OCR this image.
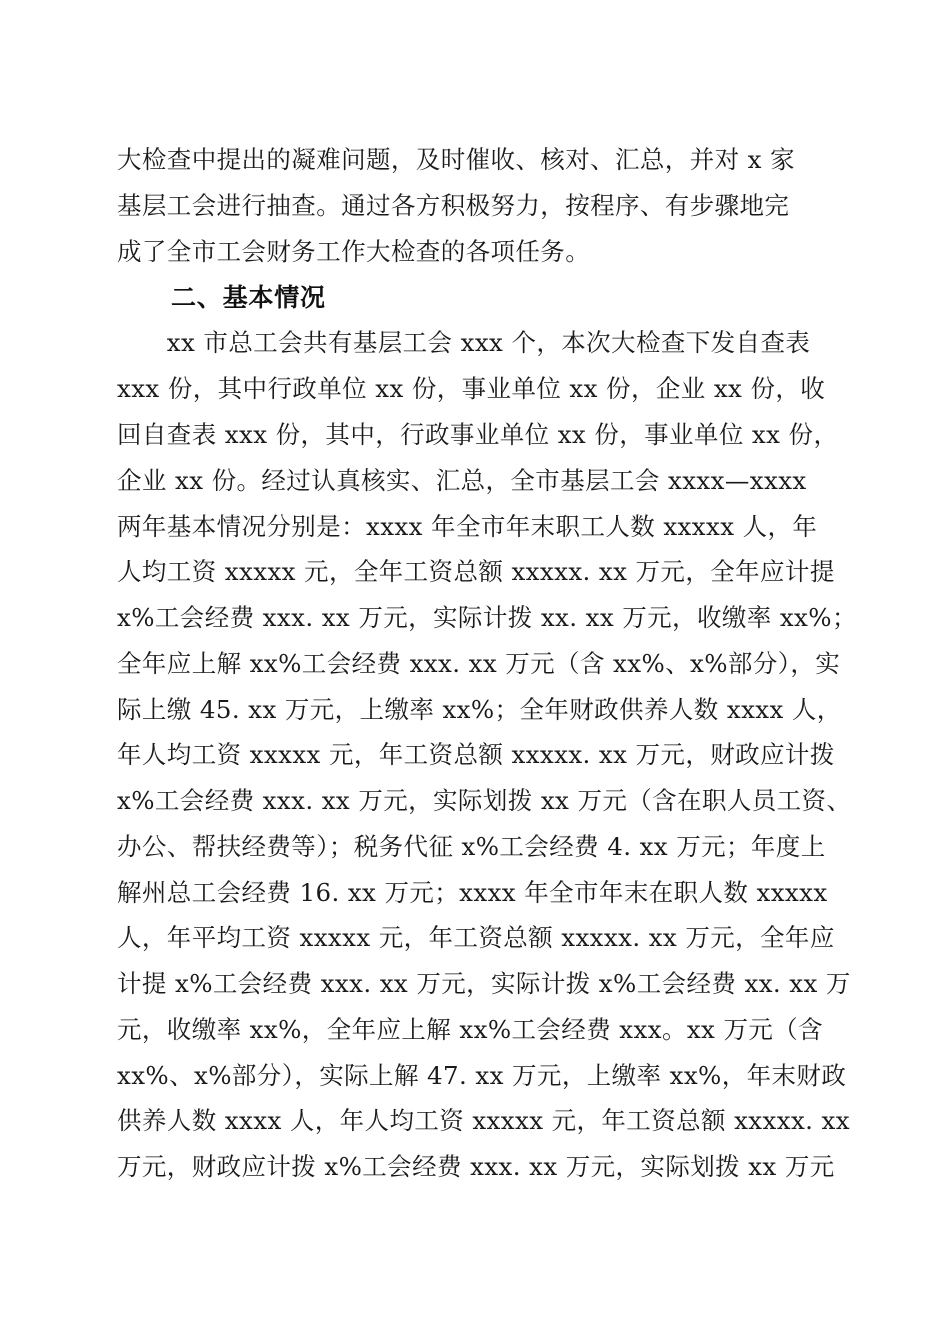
大检查中提出的凝难问题，及时催收、核对、汇总，并对 x 家
基层工会进行抽查。通过各方积极努力，按程序、有步骤地完
成了全市工会财务工作大检查的各项任务。
二、基本情况
　　xx 市总工会共有基层工会 xxx 个，本次大检查下发自查表
xxx 份，其中行政单位 xx 份，事业单位 xx 份，企业 xx 份，收
回自查表 xxx 份，其中，行政事业单位 xx 份，事业单位 xx 份，
企业 xx 份。经过认真核实、汇总，全市基层工会 xxxx—xxxx
两年基本情况分别是：xxxx 年全市年末职工人数 xxxxx 人，年
人均工资 xxxxx 元，全年工资总额 xxxxx. xx 万元，全年应计提
x%工会经费 xxx. xx 万元，实际计拨 xx. xx 万元，收缴率 xx%；
全年应上解 xx%工会经费 xxx. xx 万元（含 xx%、x%部分），实
际上缴 45. xx 万元，上缴率 xx%；全年财政供养人数 xxxx 人，
年人均工资 xxxxx 元，年工资总额 xxxxx. xx 万元，财政应计拨
x%工会经费 xxx. xx 万元，实际划拨 xx 万元（含在职人员工资、
办公、帮扶经费等）；税务代征 x%工会经费 4. xx 万元；年度上
解州总工会经费 16. xx 万元；xxxx 年全市年末在职人数 xxxxx
人，年平均工资 xxxxx 元，年工资总额 xxxxx. xx 万元，全年应
计提 x%工会经费 xxx. xx 万元，实际计拨 x%工会经费 xx. xx 万
元，收缴率 xx%，全年应上解 xx%工会经费 xxx。xx 万元（含
xx%、x%部分），实际上解 47. xx 万元，上缴率 xx%，年末财政
供养人数 xxxx 人，年人均工资 xxxxx 元，年工资总额 xxxxx. xx
万元，财政应计拨 x%工会经费 xxx. xx 万元，实际划拨 xx 万元
